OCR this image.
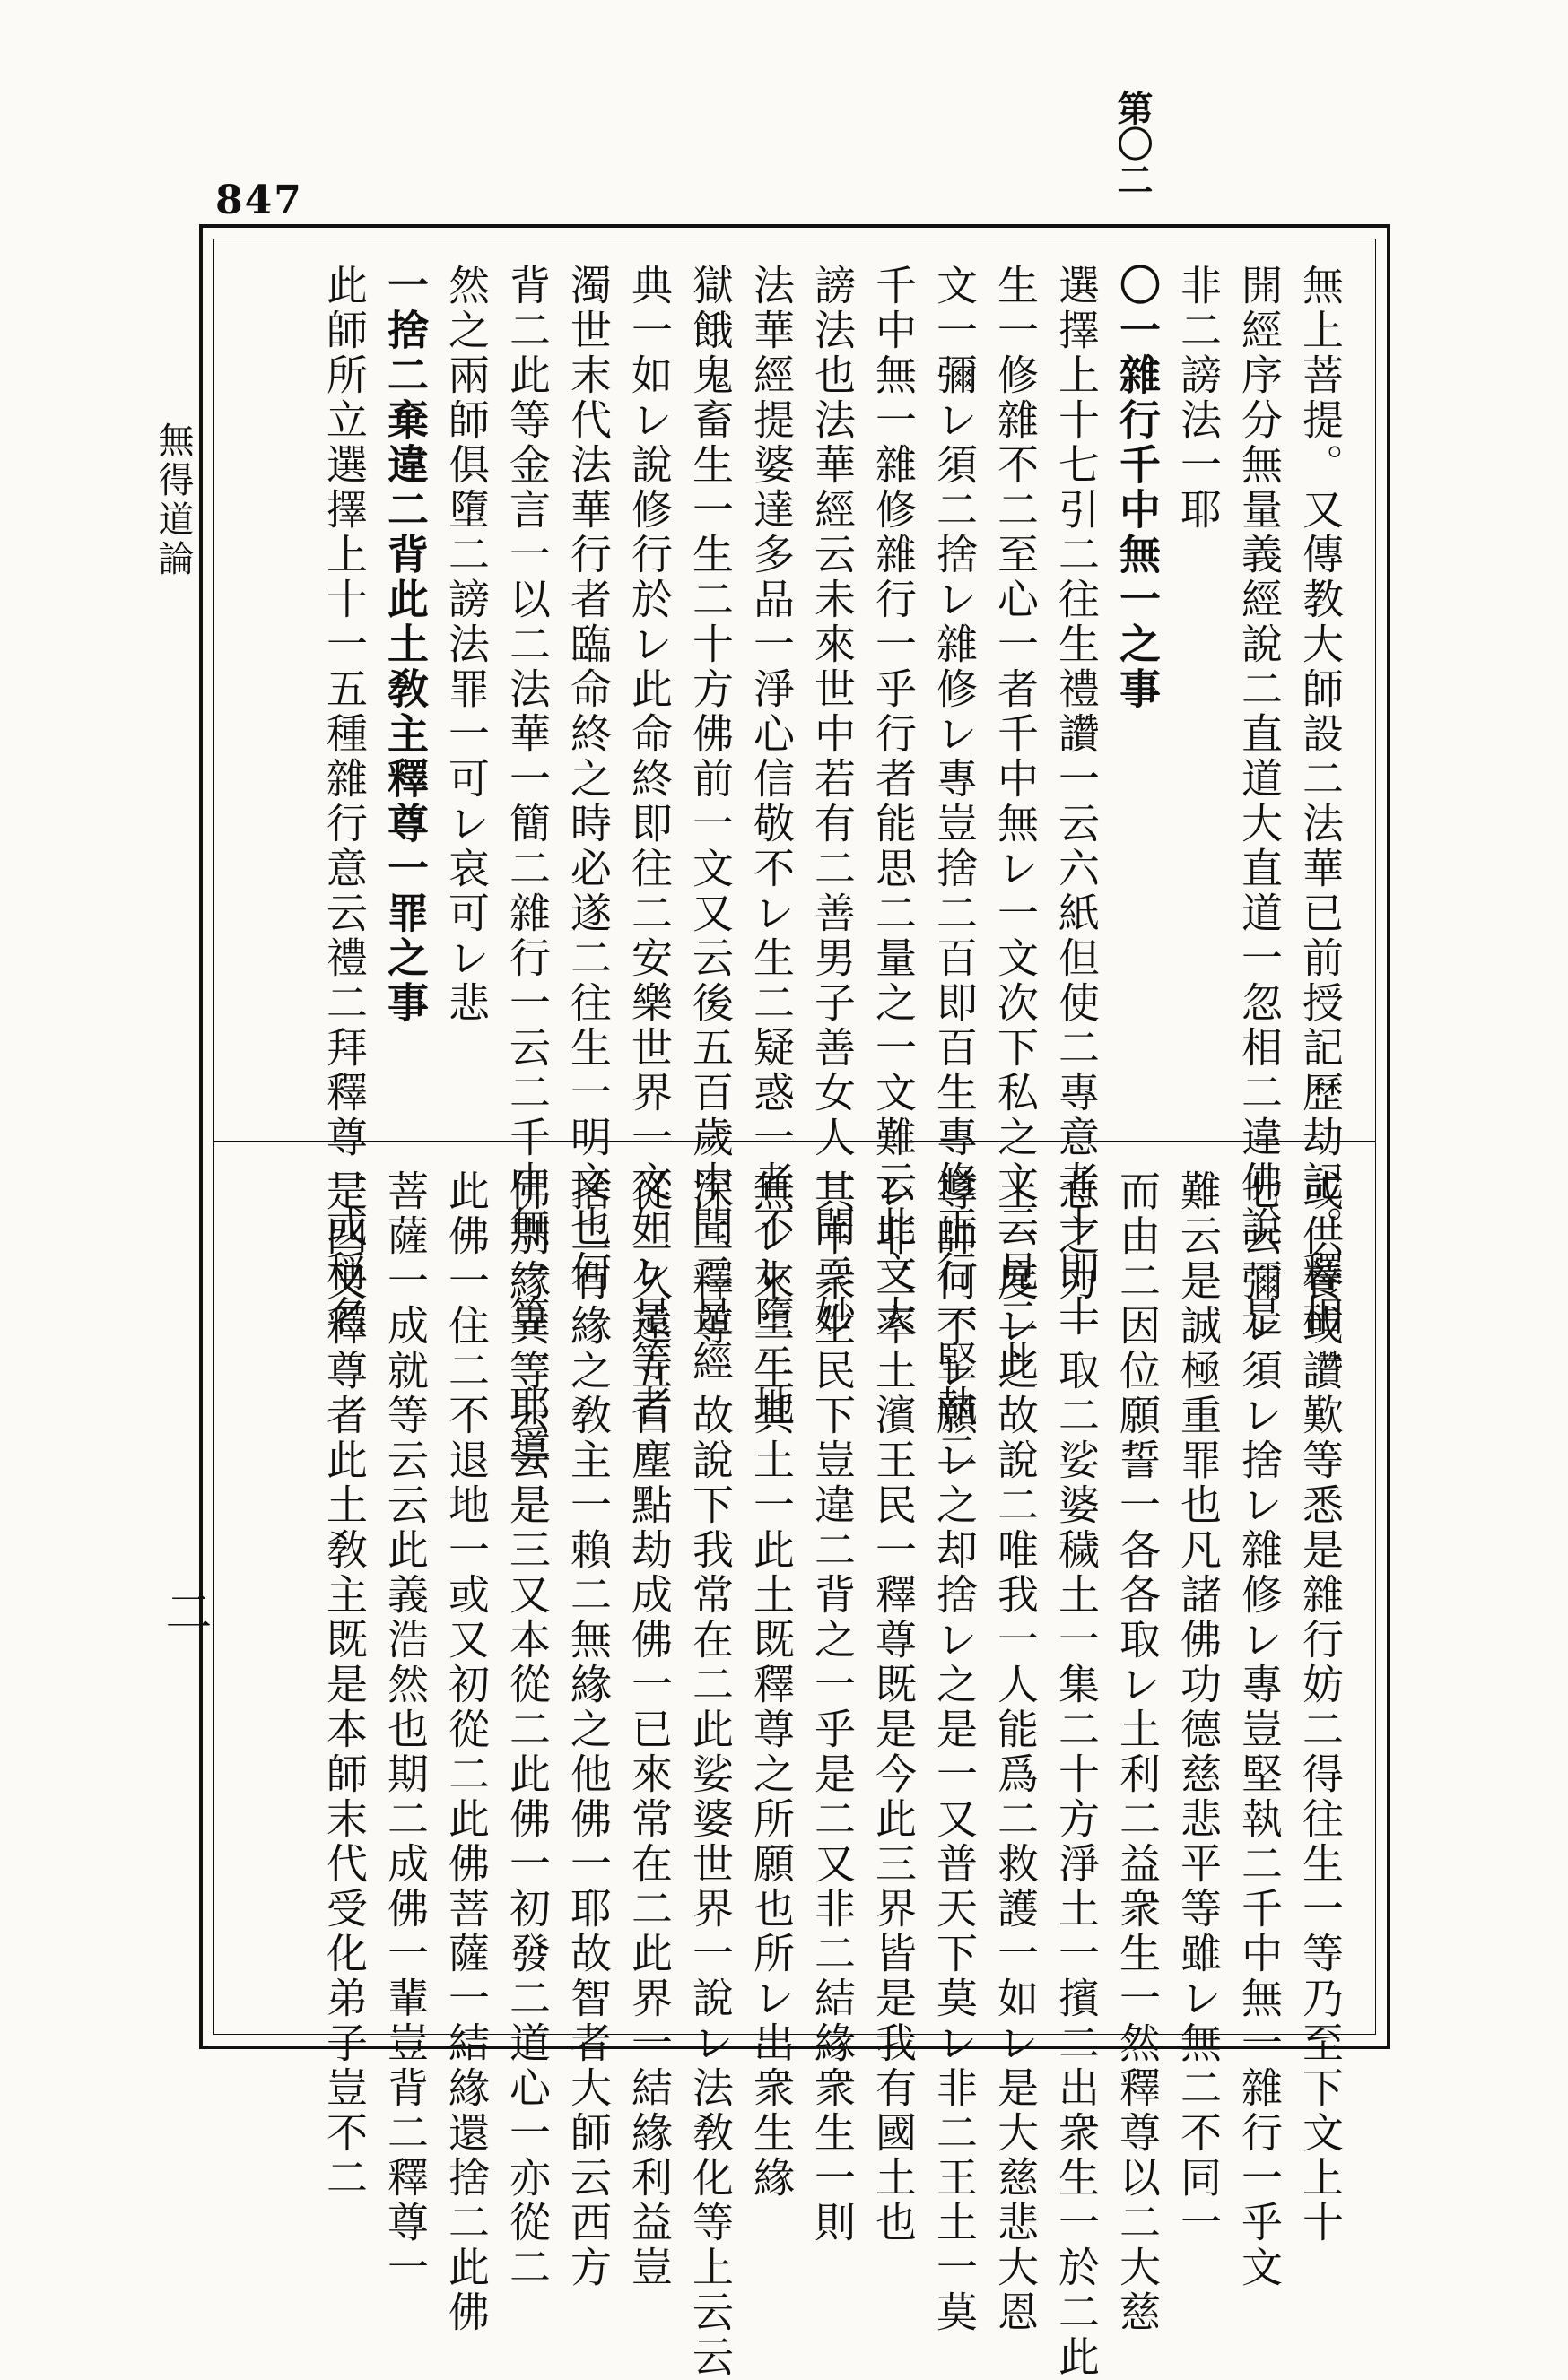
847
第〇二
無得道論
二
無上菩提。又傳教大師設二法華已前授記歷劫記。釋相一
開經序分無量義經說二直道大直道一忽相二違佛說一是
非二謗法一耶
〇一雜行千中無一之事
選擇上十七引二往生禮讚一云六紙但使二專意者十即十
生一修雜不二至心一者千中無レ一文次下私之文云見二此
文一彌レ須二捨レ雜修レ專豈捨二百即百生專修正行一堅執二
千中無一雜修雜行一乎行者能思二量之一文難云此文大
謗法也法華經云未來世中若有二善男子善女人一聞二妙
法華經提婆達多品一淨心信敬不レ生二疑惑一者不レ墮二地
獄餓鬼畜生一生二十方佛前一文又云後五百歲中聞二是經
典一如レ說修行於レ此命終即往二安樂世界一文如レ是等者
濁世末代法華行者臨命終之時必遂二往生一明文也何
背二此等金言一以二法華一簡二雜行一云二千中無一等一耶導
然之兩師俱墮二謗法罪一可レ哀可レ悲
一捨二棄違二背此土敎主釋尊一罪之事
此師所立選擇上十一五種雜行意云禮二拜釋尊一或稱名
或供養或讚歎等悉是雜行妨二得往生一等乃至下文上十
七云彌レ須レ捨レ雜修レ專豈堅執二千中無一雜行一乎文
難云是誠極重罪也凡諸佛功德慈悲平等雖レ無二不同一
而由二因位願誓一各各取レ土利二益衆生一然釋尊以二大慈
悲之力一取二娑婆穢土一集二十方淨土一擯二出衆生一於二此
土一度レ之故說二唯我一人能爲二救護一如レ是大慈悲大恩
導師何不レ願レ之却捨レ之是一又普天下莫レ非二王土一莫
レ非二率土濱王民一釋尊既是今此三界皆是我有國土也
其中衆生民下豈違二背之一乎是二又非二結緣衆生一則
無レ來二生其土一此土既釋尊之所願也所レ出衆生緣
深二釋尊一故說下我常在二此娑婆世界一說レ法敎化等上云云
從二久遠五百塵點劫成佛一已來常在二此界一結緣利益豈
捨二有緣之敎主一賴二無緣之他佛一耶故智者大師云西方
佛別緣異等云云是三又本從二此佛一初發二道心一亦從二
此佛一住二不退地一或又初從二此佛菩薩一結緣還捨二此佛
菩薩一成就等云云此義浩然也期二成佛一輩豈背二釋尊一
是四又釋尊者此土敎主既是本師末代受化弟子豈不二
